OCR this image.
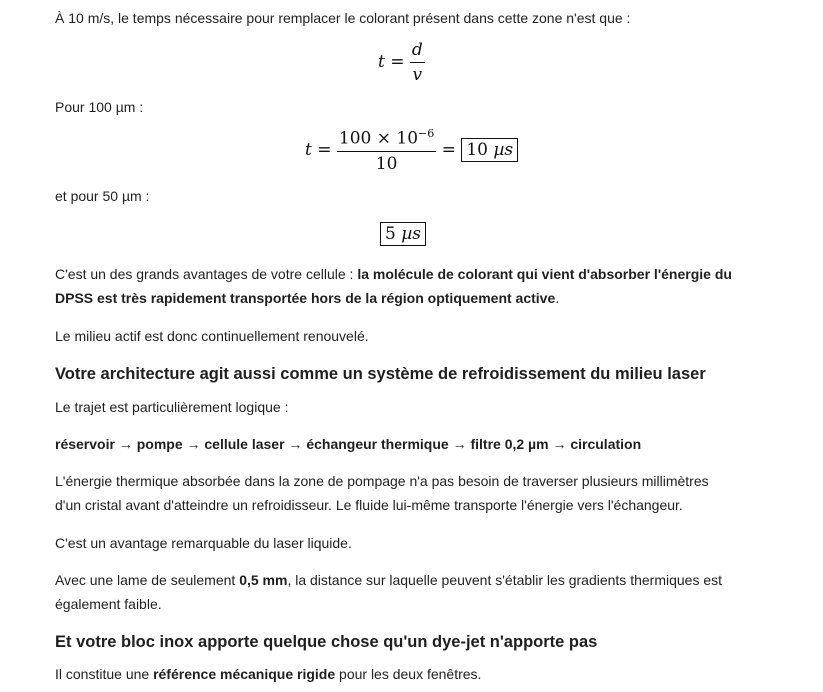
À 10 m/s, le temps nécessaire pour remplacer le colorant présent dans cette zone n'est que :

$t = \frac{d}{v}$

Pour 100 µm :

$t = \frac{100 \times 10^{-6}}{10} = 10$ µs

et pour 50 µm :

5 µs

C'est un des grands avantages de votre cellule : la molécule de colorant qui vient d'absorber l'énergie du

DPSS est très rapidement transportée hors de la région optiquement active.

Le milieu actif est donc continuellement renouvelé.

Votre architecture agit aussi comme un système de refroidissement du milieu laser

Le trajet est particulièrement logique :

réservoir → pompe → cellule laser → échangeur thermique → filtre 0,2 µm → circulation

L'énergie thermique absorbée dans la zone de pompage n'a pas besoin de traverser plusieurs millimètres

d'un cristal avant d'atteindre un refroidisseur. Le fluide lui-même transporte l'énergie vers l'échangeur.

C'est un avantage remarquable du laser liquide.

Avec une lame de seulement 0,5 mm, la distance sur laquelle peuvent s'établir les gradients thermiques est

également faible.

Et votre bloc inox apporte quelque chose qu'un dye-jet n'apporte pas

Il constitue une référence mécanique rigide pour les deux fenêtres.
